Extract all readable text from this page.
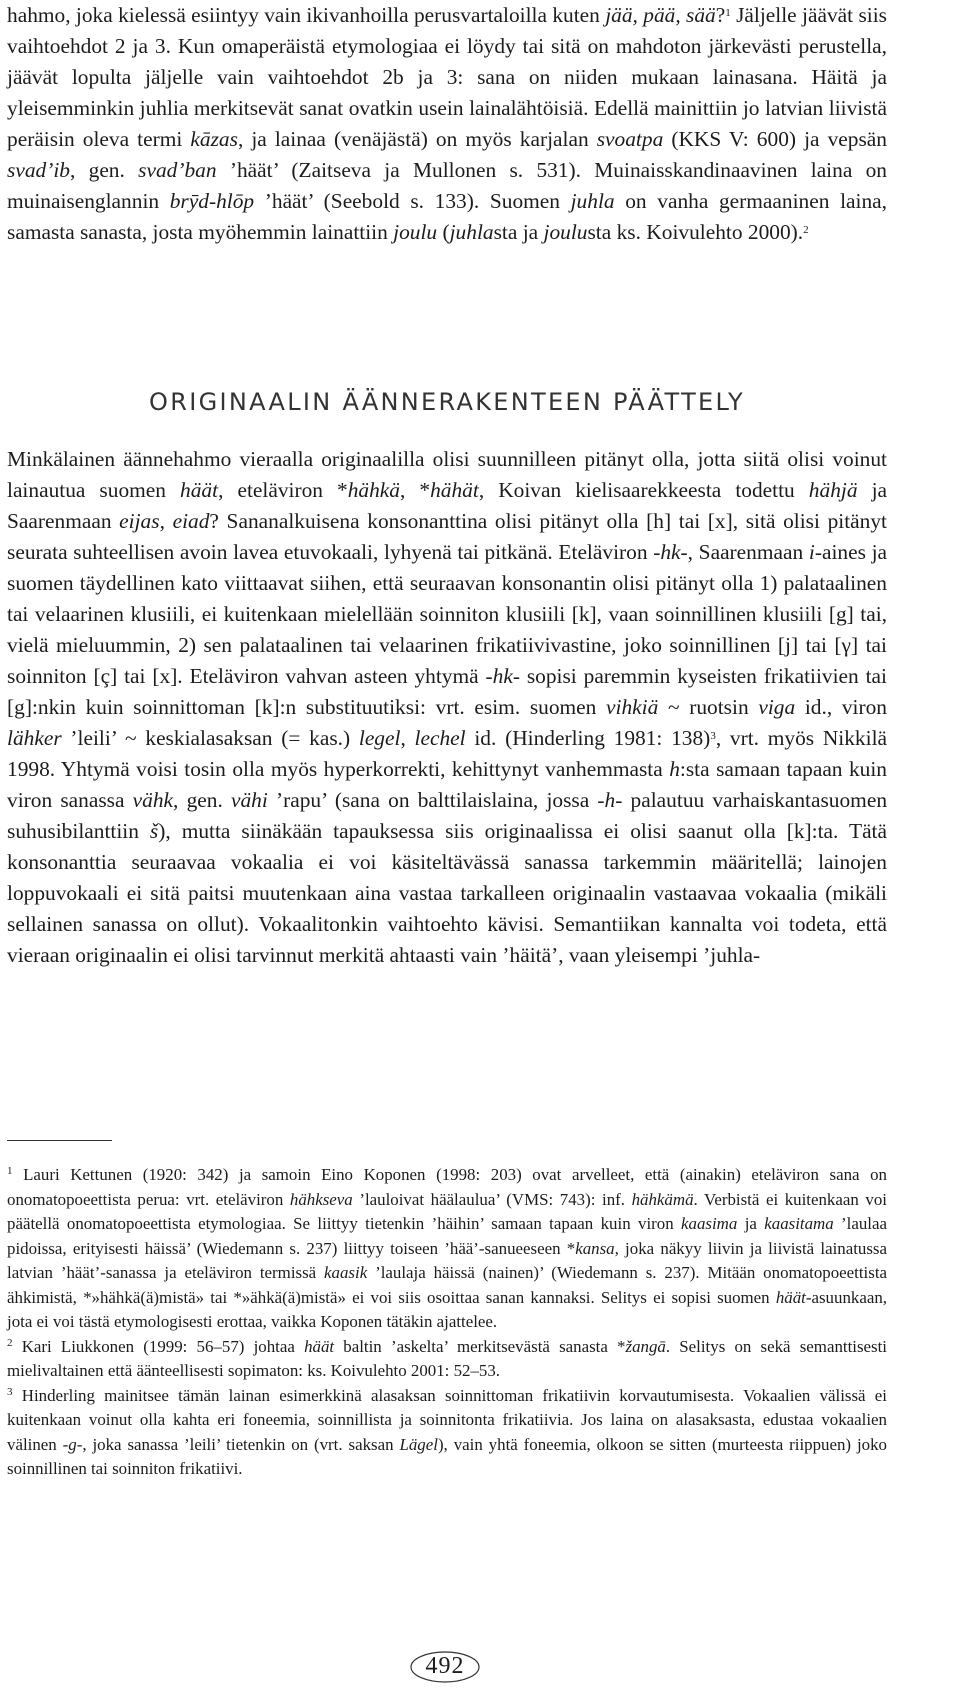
hahmo, joka kielessä esiintyy vain ikivanhoilla perusvartaloilla kuten jää, pää, sää?$^1$ Jäljelle jäävät siis vaihtoehdot 2 ja 3. Kun omaperäistä etymologiaa ei löydy tai sitä on mahdoton järkevästi perustella, jäävät lopulta jäljelle vain vaihtoehdot 2b ja 3: sana on niiden mukaan lainasana. Häitä ja yleisemminkin juhlia merkitsevät sanat ovatkin usein lainalähtöisiä. Edellä mainittiin jo latvian liivistä peräisin oleva termi kāzas, ja lainaa (venäjästä) on myös karjalan svoatpa (KKS V: 600) ja vepsän svad’ib, gen. svad’ban ’häät’ (Zaitseva ja Mullonen s. 531). Muinaisskandinaavinen laina on muinaisenglannin brȳd-hlōp ’häät’ (Seebold s. 133). Suomen juhla on vanha germaaninen laina, samasta sanasta, josta myöhemmin lainattiin joulu (juhlasta ja joulusta ks. Koivulehto 2000).$^2$

ORIGINAALIN ÄÄNNERAKENTEEN PÄÄTTELY

Minkälainen äännehahmo vieraalla originaalilla olisi suunnilleen pitänyt olla, jotta siitä olisi voinut lainautua suomen häät, eteläviron *hähkä, *hähät, Koivan kielisaarekkeesta todettu hähjä ja Saarenmaan eijas, eiad? Sananalkuisena konsonanttina olisi pitänyt olla [h] tai [x], sitä olisi pitänyt seurata suhteellisen avoin lavea etuvokaali, lyhyenä tai pitkänä. Eteläviron -hk-, Saarenmaan i-aines ja suomen täydellinen kato viittaavat siihen, että seuraavan konsonantin olisi pitänyt olla 1) palataalinen tai velaarinen klusiili, ei kuitenkaan mielellään soinniton klusiili [k], vaan soinnillinen klusiili [g] tai, vielä mieluummin, 2) sen palataalinen tai velaarinen frikatiivivastine, joko soinnillinen [j] tai [γ] tai soinniton [ç] tai [x]. Eteläviron vahvan asteen yhtymä -hk- sopisi paremmin kyseisten frikatiivien tai [g]:nkin kuin soinnittoman [k]:n substituutiksi: vrt. esim. suomen vihkiä ~ ruotsin viga id., viron lähker ’leili’ ~ keskialasaksan (= kas.) legel, lechel id. (Hinderling 1981: 138)$^3$, vrt. myös Nikkilä 1998. Yhtymä voisi tosin olla myös hyperkorrekti, kehittynyt vanhemmasta h:sta samaan tapaan kuin viron sanassa vähk, gen. vähi ’rapu’ (sana on balttilaislaina, jossa -h- palautuu varhaiskantasuomen suhusibilanttiin š), mutta siinäkään tapauksessa siis originaalissa ei olisi saanut olla [k]:ta. Tätä konsonanttia seuraavaa vokaalia ei voi käsiteltävässä sanassa tarkemmin määritellä; lainojen loppuvokaali ei sitä paitsi muutenkaan aina vastaa tarkalleen originaalin vastaavaa vokaalia (mikäli sellainen sanassa on ollut). Vokaalitonkin vaihtoehto kävisi. Semantiikan kannalta voi todeta, että vieraan originaalin ei olisi tarvinnut merkitä ahtaasti vain ’häitä’, vaan yleisempi ’juhla-

$^1$ Lauri Kettunen (1920: 342) ja samoin Eino Koponen (1998: 203) ovat arvelleet, että (ainakin) eteläviron sana on onomatopoeettista perua: vrt. eteläviron hähkseva ’lauloivat häälaulua’ (VMS: 743): inf. hähkämä. Verbistä ei kuitenkaan voi päätellä onomatopoeettista etymologiaa. Se liittyy tietenkin ’häihin’ samaan tapaan kuin viron kaasima ja kaasitama ’laulaa pidoissa, erityisesti häissä’ (Wiedemann s. 237) liittyy toiseen ’hää’-sanueeseen *kansa, joka näkyy liivin ja liivistä lainatussa latvian ’häät’-sanassa ja eteläviron termissä kaasik ’laulaja häissä (nainen)’ (Wiedemann s. 237). Mitään onomatopoeettista ähkimistä, *»hähkä(ä)mistä» tai *»ähkä(ä)mistä» ei voi siis osoittaa sanan kannaksi. Selitys ei sopisi suomen häät-asuunkaan, jota ei voi tästä etymologisesti erottaa, vaikka Koponen tätäkin ajattelee.

$^2$ Kari Liukkonen (1999: 56–57) johtaa häät baltin ’askelta’ merkitsevästä sanasta *žangā. Selitys on sekä semanttisesti mielivaltainen että äänteellisesti sopimaton: ks. Koivulehto 2001: 52–53.

$^3$ Hinderling mainitsee tämän lainan esimerkkinä alasaksan soinnittoman frikatiivin korvautumisesta. Vokaalien välissä ei kuitenkaan voinut olla kahta eri foneemia, soinnillista ja soinnitonta frikatiivia. Jos laina on alasaksasta, edustaa vokaalien välinen -g-, joka sanassa ’leili’ tietenkin on (vrt. saksan Lägel), vain yhtä foneemia, olkoon se sitten (murteesta riippuen) joko soinnillinen tai soinniton frikatiivi.

492
